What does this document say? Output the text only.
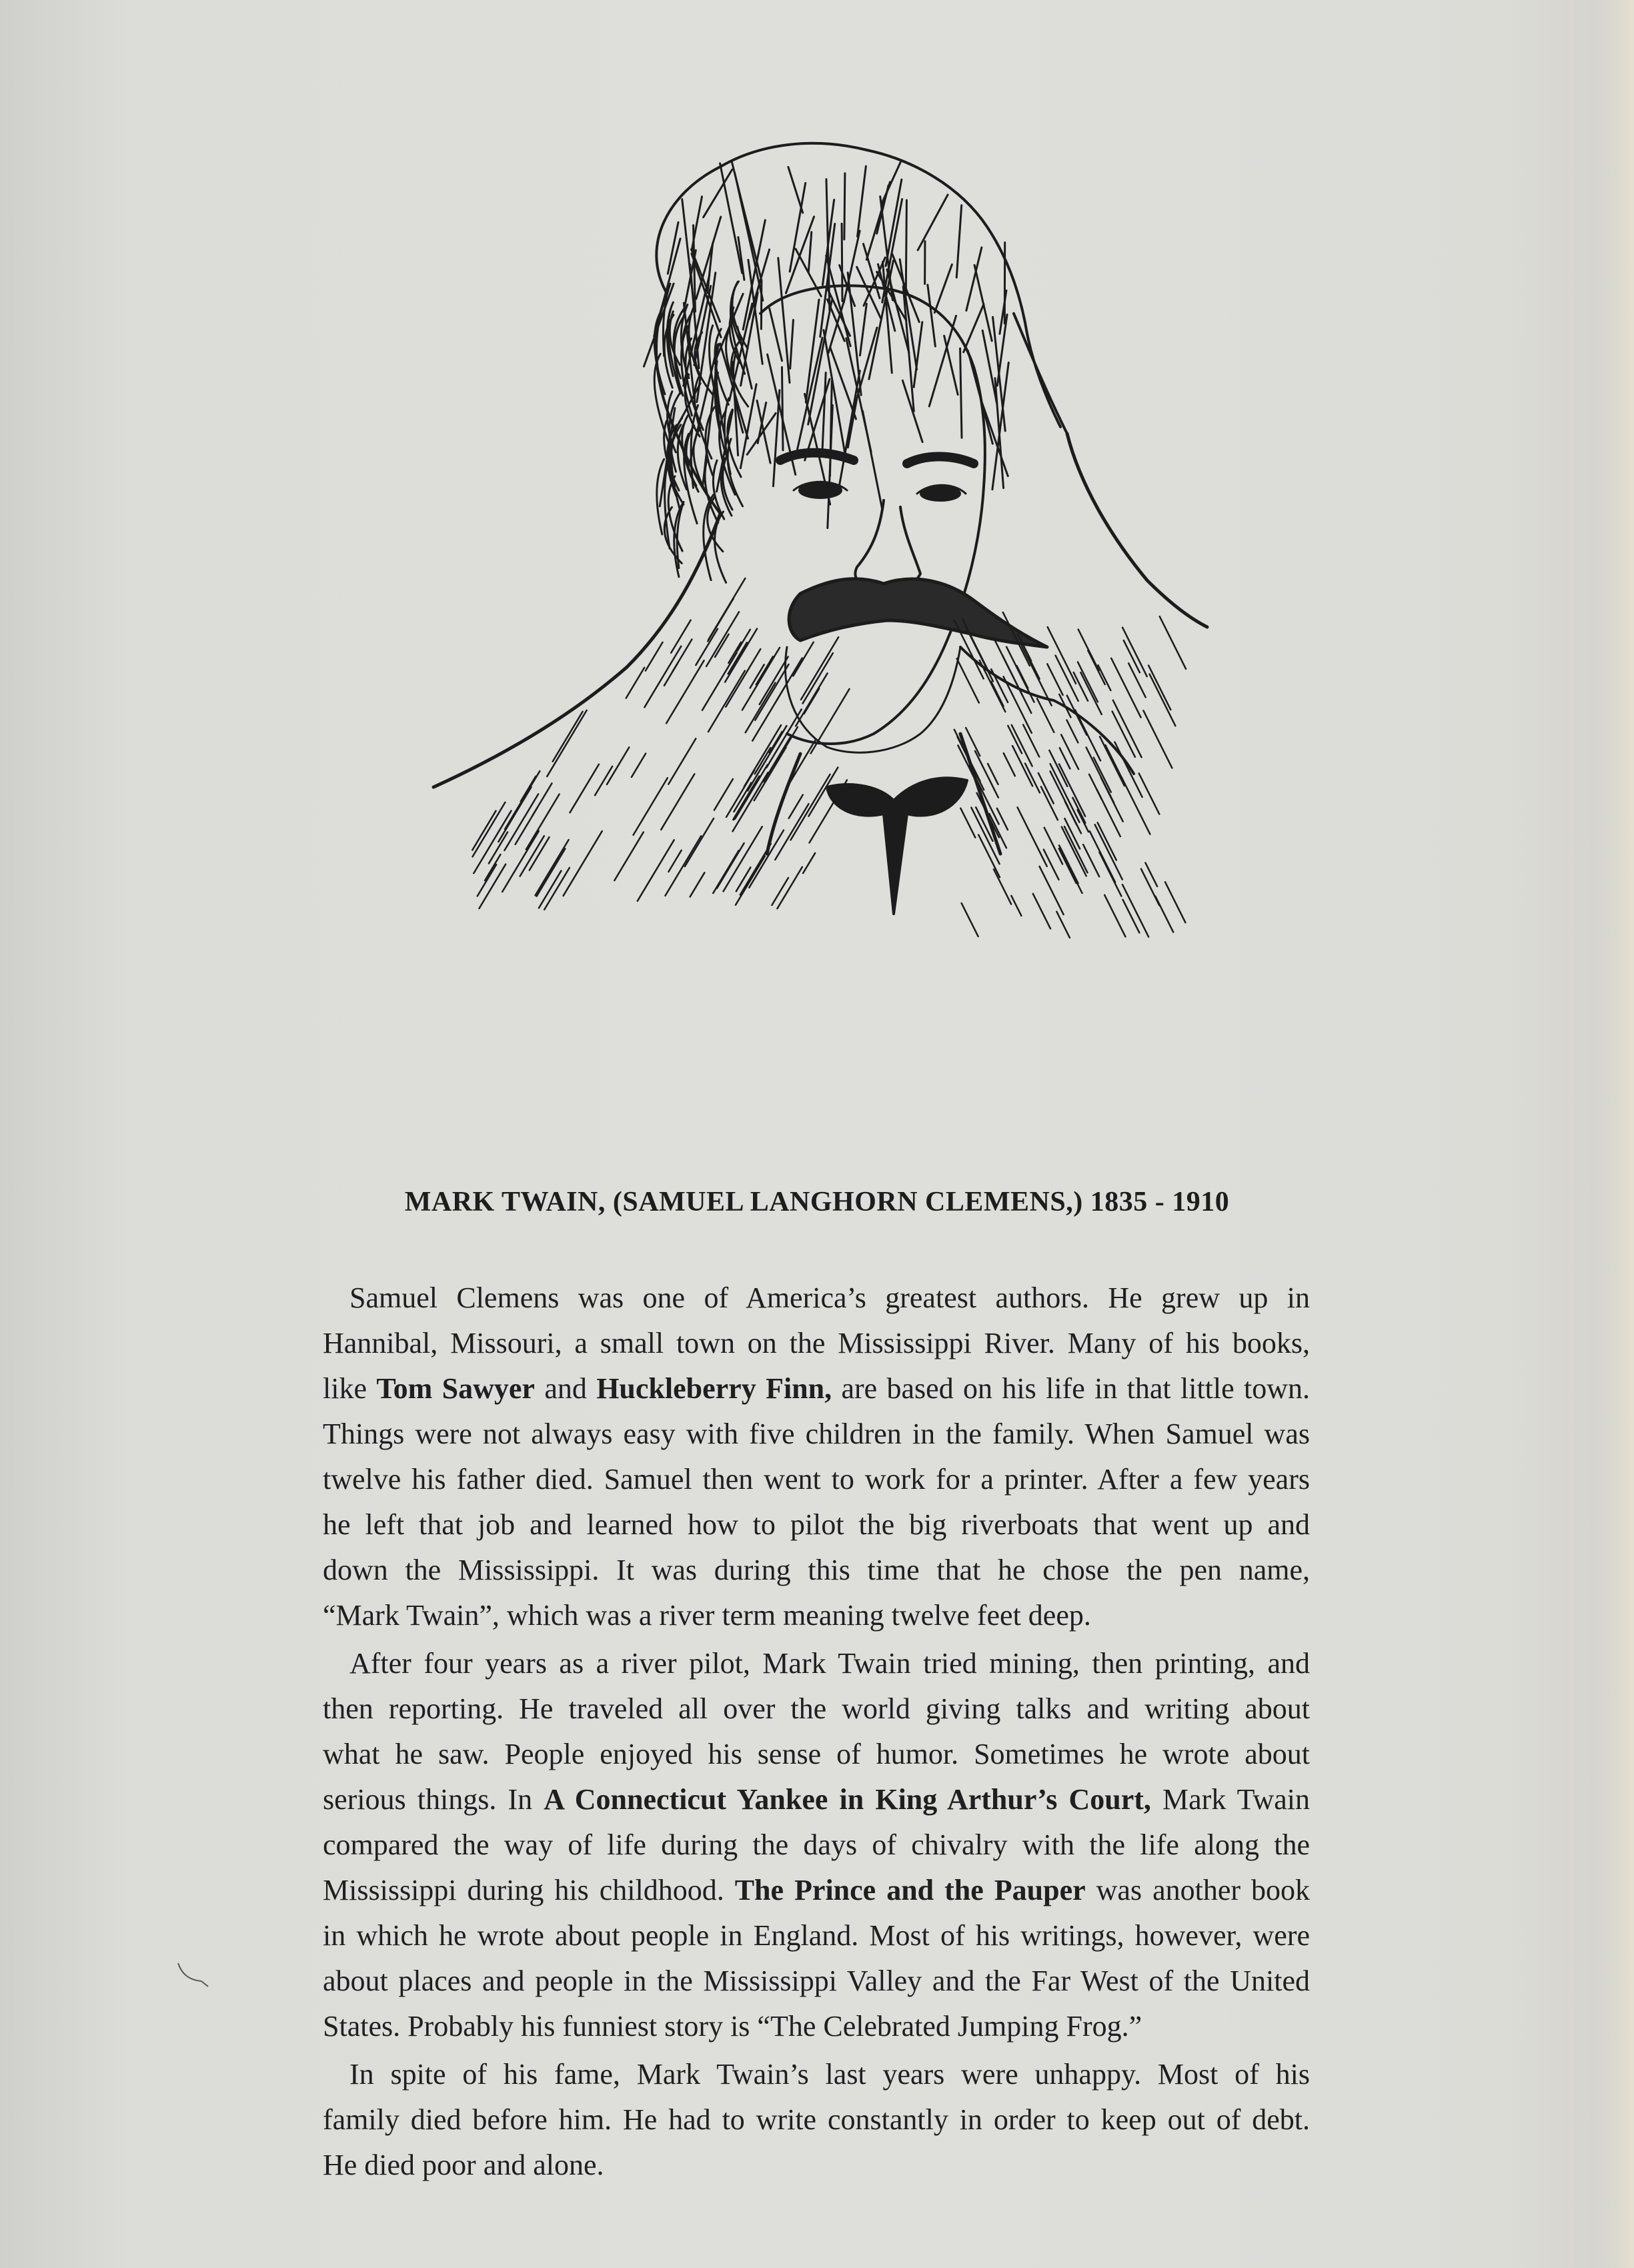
MARK TWAIN, (SAMUEL LANGHORN CLEMENS,) 1835 - 1910
Samuel Clemens was one of America’s greatest authors. He grew up in
Hannibal, Missouri, a small town on the Mississippi River. Many of his books,
like Tom Sawyer and Huckleberry Finn, are based on his life in that little town.
Things were not always easy with five children in the family. When Samuel was
twelve his father died. Samuel then went to work for a printer. After a few years
he left that job and learned how to pilot the big riverboats that went up and
down the Mississippi. It was during this time that he chose the pen name,
“Mark Twain”, which was a river term meaning twelve feet deep.
After four years as a river pilot, Mark Twain tried mining, then printing, and
then reporting. He traveled all over the world giving talks and writing about
what he saw. People enjoyed his sense of humor. Sometimes he wrote about
serious things. In A Connecticut Yankee in King Arthur’s Court, Mark Twain
compared the way of life during the days of chivalry with the life along the
Mississippi during his childhood. The Prince and the Pauper was another book
in which he wrote about people in England. Most of his writings, however, were
about places and people in the Mississippi Valley and the Far West of the United
States. Probably his funniest story is “The Celebrated Jumping Frog.”
In spite of his fame, Mark Twain’s last years were unhappy. Most of his
family died before him. He had to write constantly in order to keep out of debt.
He died poor and alone.
